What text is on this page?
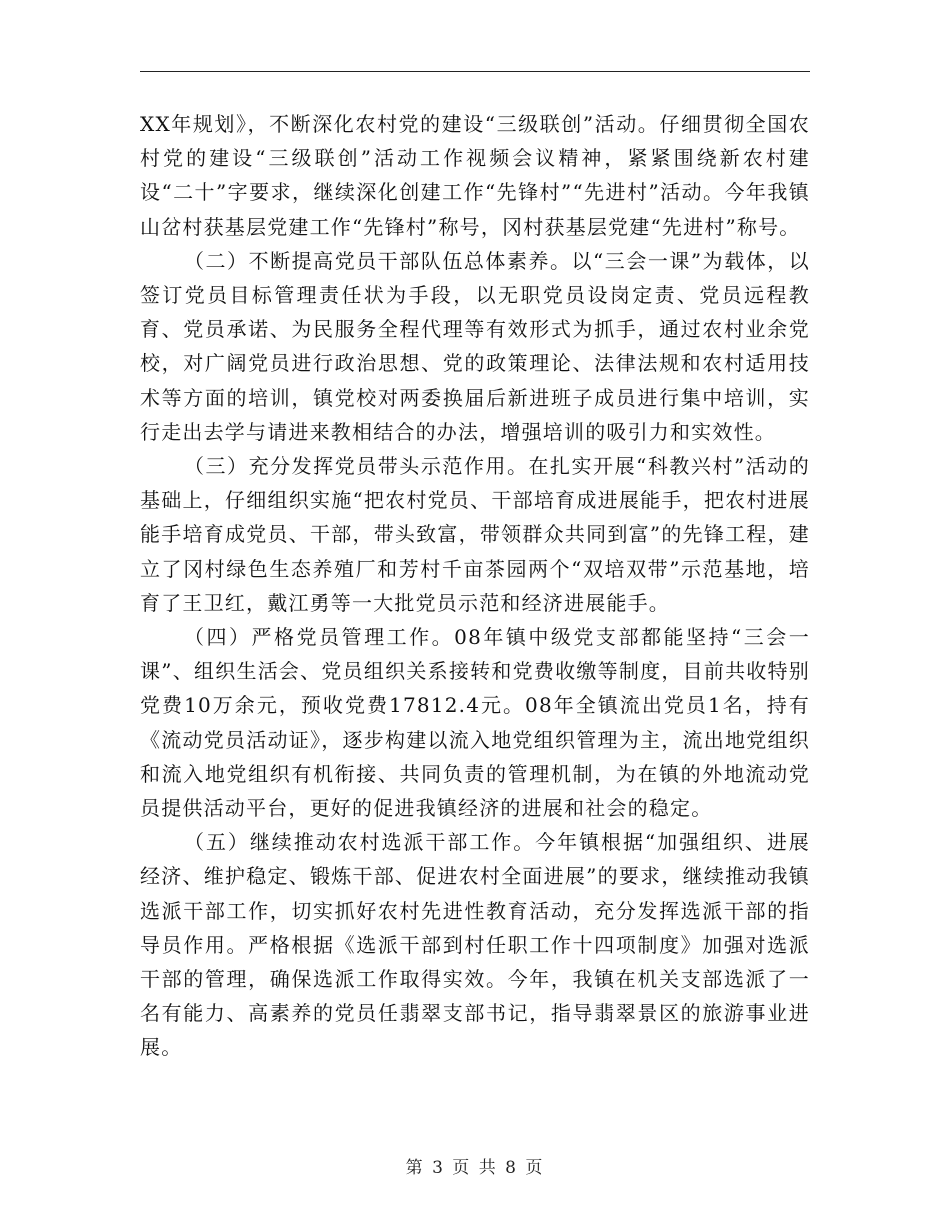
XX年规划》，不断深化农村党的建设“三级联创”活动。仔细贯彻全国农村党的建设“三级联创”活动工作视频会议精神，紧紧围绕新农村建设“二十”字要求，继续深化创建工作“先锋村”“先进村”活动。今年我镇山岔村获基层党建工作“先锋村”称号，冈村获基层党建“先进村”称号。

（二）不断提高党员干部队伍总体素养。以“三会一课”为载体，以签订党员目标管理责任状为手段，以无职党员设岗定责、党员远程教育、党员承诺、为民服务全程代理等有效形式为抓手，通过农村业余党校，对广阔党员进行政治思想、党的政策理论、法律法规和农村适用技术等方面的培训，镇党校对两委换届后新进班子成员进行集中培训，实行走出去学与请进来教相结合的办法，增强培训的吸引力和实效性。

（三）充分发挥党员带头示范作用。在扎实开展“科教兴村”活动的基础上，仔细组织实施“把农村党员、干部培育成进展能手，把农村进展能手培育成党员、干部，带头致富，带领群众共同到富”的先锋工程，建立了冈村绿色生态养殖厂和芳村千亩茶园两个“双培双带”示范基地，培育了王卫红，戴江勇等一大批党员示范和经济进展能手。

（四）严格党员管理工作。08年镇中级党支部都能坚持“三会一课”、组织生活会、党员组织关系接转和党费收缴等制度，目前共收特别党费10万余元，预收党费17812.4元。08年全镇流出党员1名，持有《流动党员活动证》，逐步构建以流入地党组织管理为主，流出地党组织和流入地党组织有机衔接、共同负责的管理机制，为在镇的外地流动党员提供活动平台，更好的促进我镇经济的进展和社会的稳定。

（五）继续推动农村选派干部工作。今年镇根据“加强组织、进展经济、维护稳定、锻炼干部、促进农村全面进展”的要求，继续推动我镇选派干部工作，切实抓好农村先进性教育活动，充分发挥选派干部的指导员作用。严格根据《选派干部到村任职工作十四项制度》加强对选派干部的管理，确保选派工作取得实效。今年，我镇在机关支部选派了一名有能力、高素养的党员任翡翠支部书记，指导翡翠景区的旅游事业进展。

第 3 页 共 8 页
